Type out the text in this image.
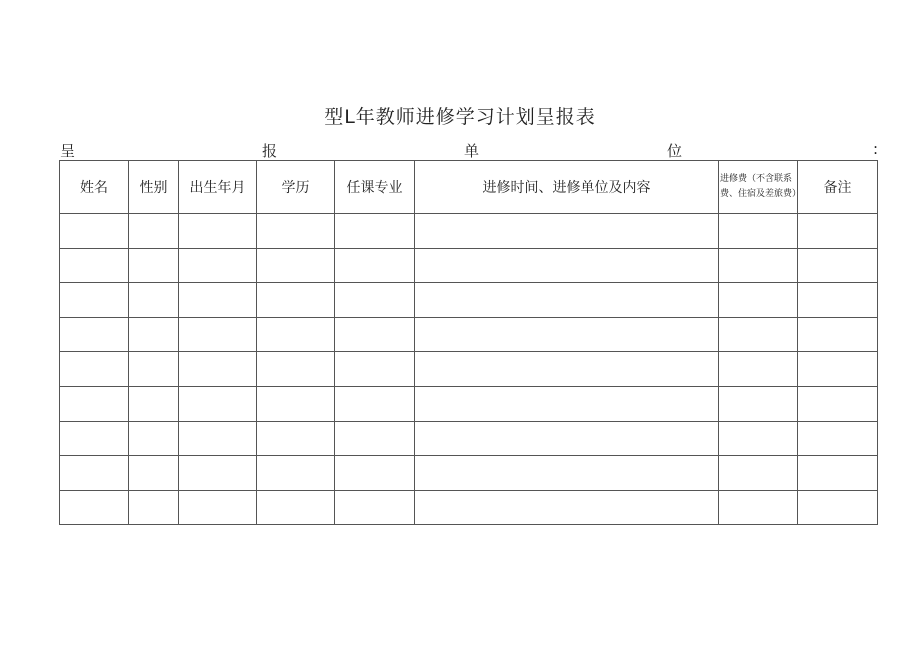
型L年教师进修学习计划呈报表
呈	报	单	位	:
姓名	性别	出生年月	学历	任课专业	进修时间、进修单位及内容	进修费（不含联系费、住宿及差旅费）	备注
